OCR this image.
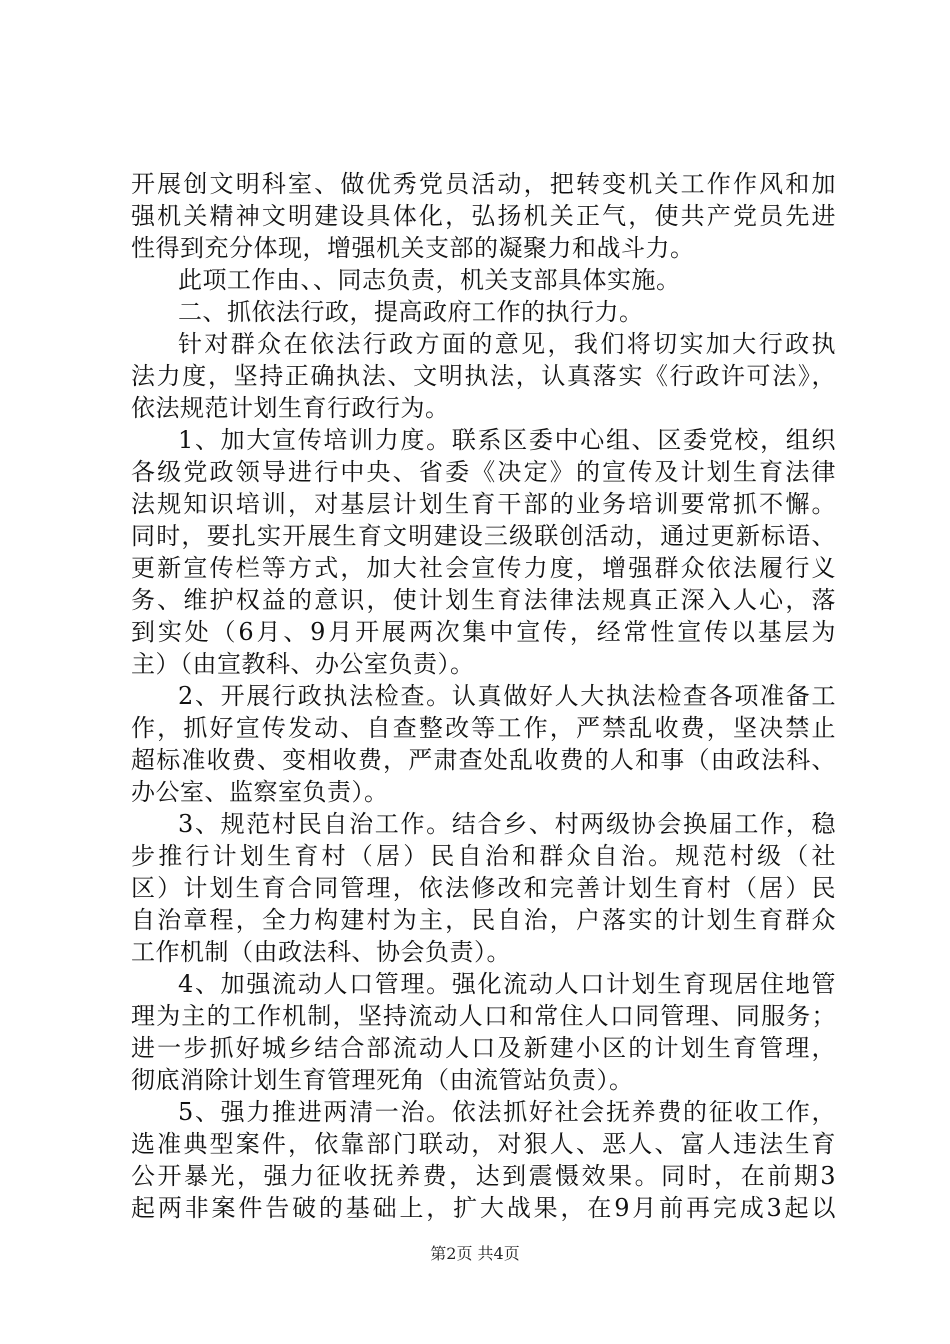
开展创文明科室、做优秀党员活动，把转变机关工作作风和加
强机关精神文明建设具体化，弘扬机关正气，使共产党员先进
性得到充分体现，增强机关支部的凝聚力和战斗力。
此项工作由、、同志负责，机关支部具体实施。
二、抓依法行政，提高政府工作的执行力。
针对群众在依法行政方面的意见，我们将切实加大行政执
法力度，坚持正确执法、文明执法，认真落实《行政许可法》，
依法规范计划生育行政行为。
1、加大宣传培训力度。联系区委中心组、区委党校，组织
各级党政领导进行中央、省委《决定》的宣传及计划生育法律
法规知识培训，对基层计划生育干部的业务培训要常抓不懈。
同时，要扎实开展生育文明建设三级联创活动，通过更新标语、
更新宣传栏等方式，加大社会宣传力度，增强群众依法履行义
务、维护权益的意识，使计划生育法律法规真正深入人心，落
到实处（6月、9月开展两次集中宣传，经常性宣传以基层为
主）（由宣教科、办公室负责）。
2、开展行政执法检查。认真做好人大执法检查各项准备工
作，抓好宣传发动、自查整改等工作，严禁乱收费，坚决禁止
超标准收费、变相收费，严肃查处乱收费的人和事（由政法科、
办公室、监察室负责）。
3、规范村民自治工作。结合乡、村两级协会换届工作，稳
步推行计划生育村（居）民自治和群众自治。规范村级（社
区）计划生育合同管理，依法修改和完善计划生育村（居）民
自治章程，全力构建村为主，民自治，户落实的计划生育群众
工作机制（由政法科、协会负责）。
4、加强流动人口管理。强化流动人口计划生育现居住地管
理为主的工作机制，坚持流动人口和常住人口同管理、同服务；
进一步抓好城乡结合部流动人口及新建小区的计划生育管理，
彻底消除计划生育管理死角（由流管站负责）。
5、强力推进两清一治。依法抓好社会抚养费的征收工作，
选准典型案件，依靠部门联动，对狠人、恶人、富人违法生育
公开暴光，强力征收抚养费，达到震慑效果。同时，在前期3
起两非案件告破的基础上，扩大战果，在9月前再完成3起以
第2页 共4页
